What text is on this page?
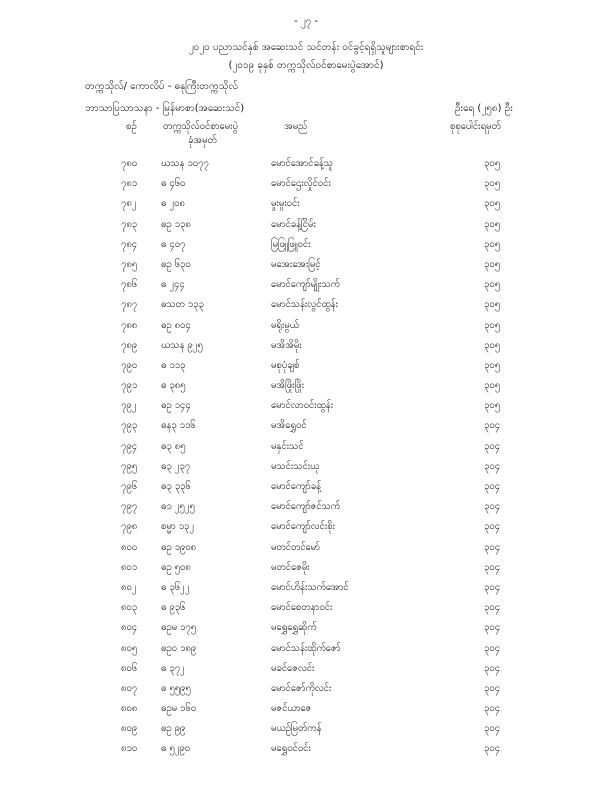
- ၂၇ -
၂၀၂၀ ပညာသင်နှစ် အဆေးသင် သင်တန်း ဝင်ခွင့်ရရှိသူများစာရင်း
(၂၀၁၉ ခုနှစ် တက္ကသိုလ်ဝင်စာမေးပွဲအောင်)
တက္ကသိုလ်/ ကောလိပ် - ဓနုကြီးတက္ကသိုလ်
ဘာသာပြသာသနာ - မြန်မာစာ(အဆေးသင်)	ဦးရေ (၂၅၈) ဦး
စဉ်	တက္ကသိုလ်ဝင်စာမေးပွဲ
ခုံအမှတ်
အမည်	စုစုပေါင်းရမှတ်
၇၈၀	ဃသန ၁၀၇၇	မောင်အောင်ခန့်သူ	၃၀၅
၇၈၁	ဓ ၄၆၀	မောင်ဌေးလှိုင်ဝင်း	၃၀၅
၇၈၂	ဓ ၂၀၈	မှုးမူးဝင်း	၃၀၅
၇၈၃	ဓဥ ၁၃၈	မောင်ခန့်ငြိမ်း	၃၀၅
၇၈၄	ဓ ၄၀၇	မြဖြူဖြူဝင်း	၃၀၅
၇၈၅	ဓဥ ၆၃၀	မအေးအေးမြင့်	၃၀၅
၇၈၆	ဓ ၂၄၄	မောင်ကျော်မျိုးသက်	၃၀၅
၇၈၇	ဓသတ ၁၃၃	မောင်သန်းလွင်ထွန်း	၃၀၅
၇၈၈	ဓဥ ၈၀၄	မရိုးမွယ်	၃၀၅
၇၈၉	ဃသန ၉၂၅	မအိအိမိုး	၃၀၅
၇၉၀	ဓ ၁၁၃	မစုပုံချစ်	၃၀၅
၇၉၁	ဓ ၃၈၅	မအိဖြိုးဖြိုး	၃၀၅
၇၉၂	ဓဥ ၁၄၄	မောင်လာဝင်းထွန်း	၃၀၅
၇၉၃	ဓန၃ ၁၁၆	မအိရွှေဝင်	၃၀၄
၇၉၄	ဓ၃ ၈၅	မနှင်းသင်	၃၀၄
၇၉၅	ဓ၃ ၂၃၇	မသင်းသင်းယု	၃၀၄
၇၉၆	ဓ၃ ၃၃၆	မောင်ကျော်ခန့်	၃၀၄
၇၉၇	ဓ၁ ၂၅၂၅	မောင်ကျော်ဇင်သက်	၃၀၄
၇၉၈	စမ္မာ ၁၃၂	မောင်ကျော်လင်းစိုး	၃၀၄
၈၀၀	ဓဥ ၁၉၀၈	မတင်တင်မော်	၃၀၄
၈၀၁	ဓဥ ၅၀၈	မတင်ဇေမိုး	၃၀၄
၈၀၂	ဓ ၃၆၂၂	မောင်ဟိန်းသက်အောင်	၃၀၄
၈၀၃	ဓ ၉၃၆	မောင်စေတနာဝင်း	၃၀၄
၈၀၄	ဓဥမ ၁၇၅	မရွှေရွှေဆိုက်	၃၀၄
၈၀၅	ဓဥ၀ ၁၈၉	မောင်သန်းထိုက်ဇော်	၃၀၄
၈၀၆	ဓ ၃၇၂	မခင်ဇေလင်း	၃၀၄
၈၀၇	ဓ ၅၅၉၅	မောင်ဇော်ကိုလင်း	၃၀၄
၈၀၈	ဓဥမ ၁၆၀	မဇင်ယာဇေ	၃၀၄
၈၀၉	ဓဥ ၉၉	မယဉ်မြတ်ကန်	၃၀၄
၈၁၀	ဓ ၅၂၉၀	မရွှေဝင်ဝင်း	၃၀၄
